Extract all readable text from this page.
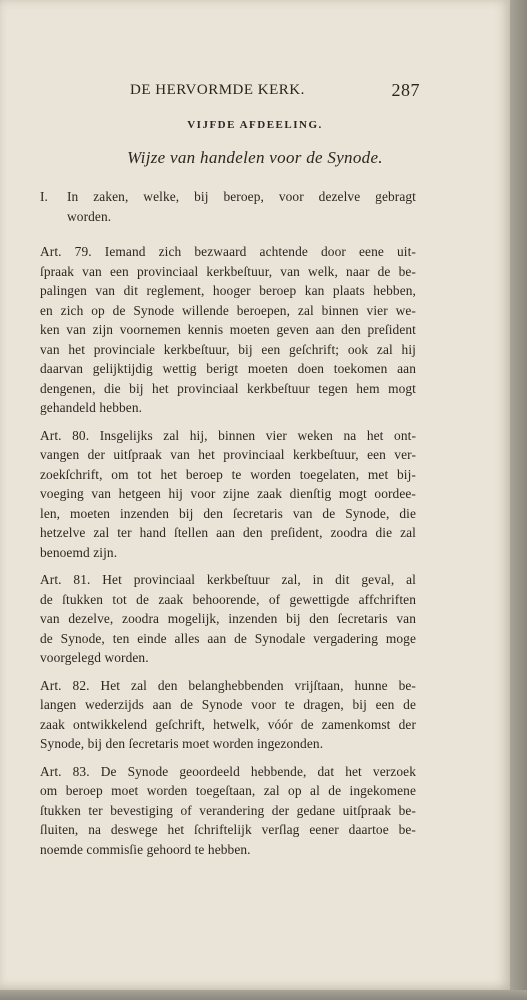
DE HERVORMDE KERK.	287
VIJFDE AFDEELING.
Wijze van handelen voor de Synode.
I. In zaken, welke, bij beroep, voor dezelve gebragt
worden.
Art. 79. Iemand zich bezwaard achtende door eene uit-
ſpraak van een provinciaal kerkbeſtuur, van welk, naar de be-
palingen van dit reglement, hooger beroep kan plaats hebben,
en zich op de Synode willende beroepen, zal binnen vier we-
ken van zijn voornemen kennis moeten geven aan den preſident
van het provinciale kerkbeſtuur, bij een geſchrift; ook zal hij
daarvan gelijktijdig wettig berigt moeten doen toekomen aan
dengenen, die bij het provinciaal kerkbeſtuur tegen hem mogt
gehandeld hebben.
Art. 80. Insgelijks zal hij, binnen vier weken na het ont-
vangen der uitſpraak van het provinciaal kerkbeſtuur, een ver-
zoekſchrift, om tot het beroep te worden toegelaten, met bij-
voeging van hetgeen hij voor zijne zaak dienſtig mogt oordee-
len, moeten inzenden bij den ſecretaris van de Synode, die
hetzelve zal ter hand ſtellen aan den preſident, zoodra die zal
benoemd zijn.
Art. 81. Het provinciaal kerkbeſtuur zal, in dit geval, al
de ſtukken tot de zaak behoorende, of gewettigde affchriften
van dezelve, zoodra mogelijk, inzenden bij den ſecretaris van
de Synode, ten einde alles aan de Synodale vergadering moge
voorgelegd worden.
Art. 82. Het zal den belanghebbenden vrijſtaan, hunne be-
langen wederzijds aan de Synode voor te dragen, bij een de
zaak ontwikkelend geſchrift, hetwelk, vóór de zamenkomst der
Synode, bij den ſecretaris moet worden ingezonden.
Art. 83. De Synode geoordeeld hebbende, dat het verzoek
om beroep moet worden toegeſtaan, zal op al de ingekomene
ſtukken ter bevestiging of verandering der gedane uitſpraak be-
ſluiten, na deswege het ſchriftelijk verſlag eener daartoe be-
noemde commisſie gehoord te hebben.
